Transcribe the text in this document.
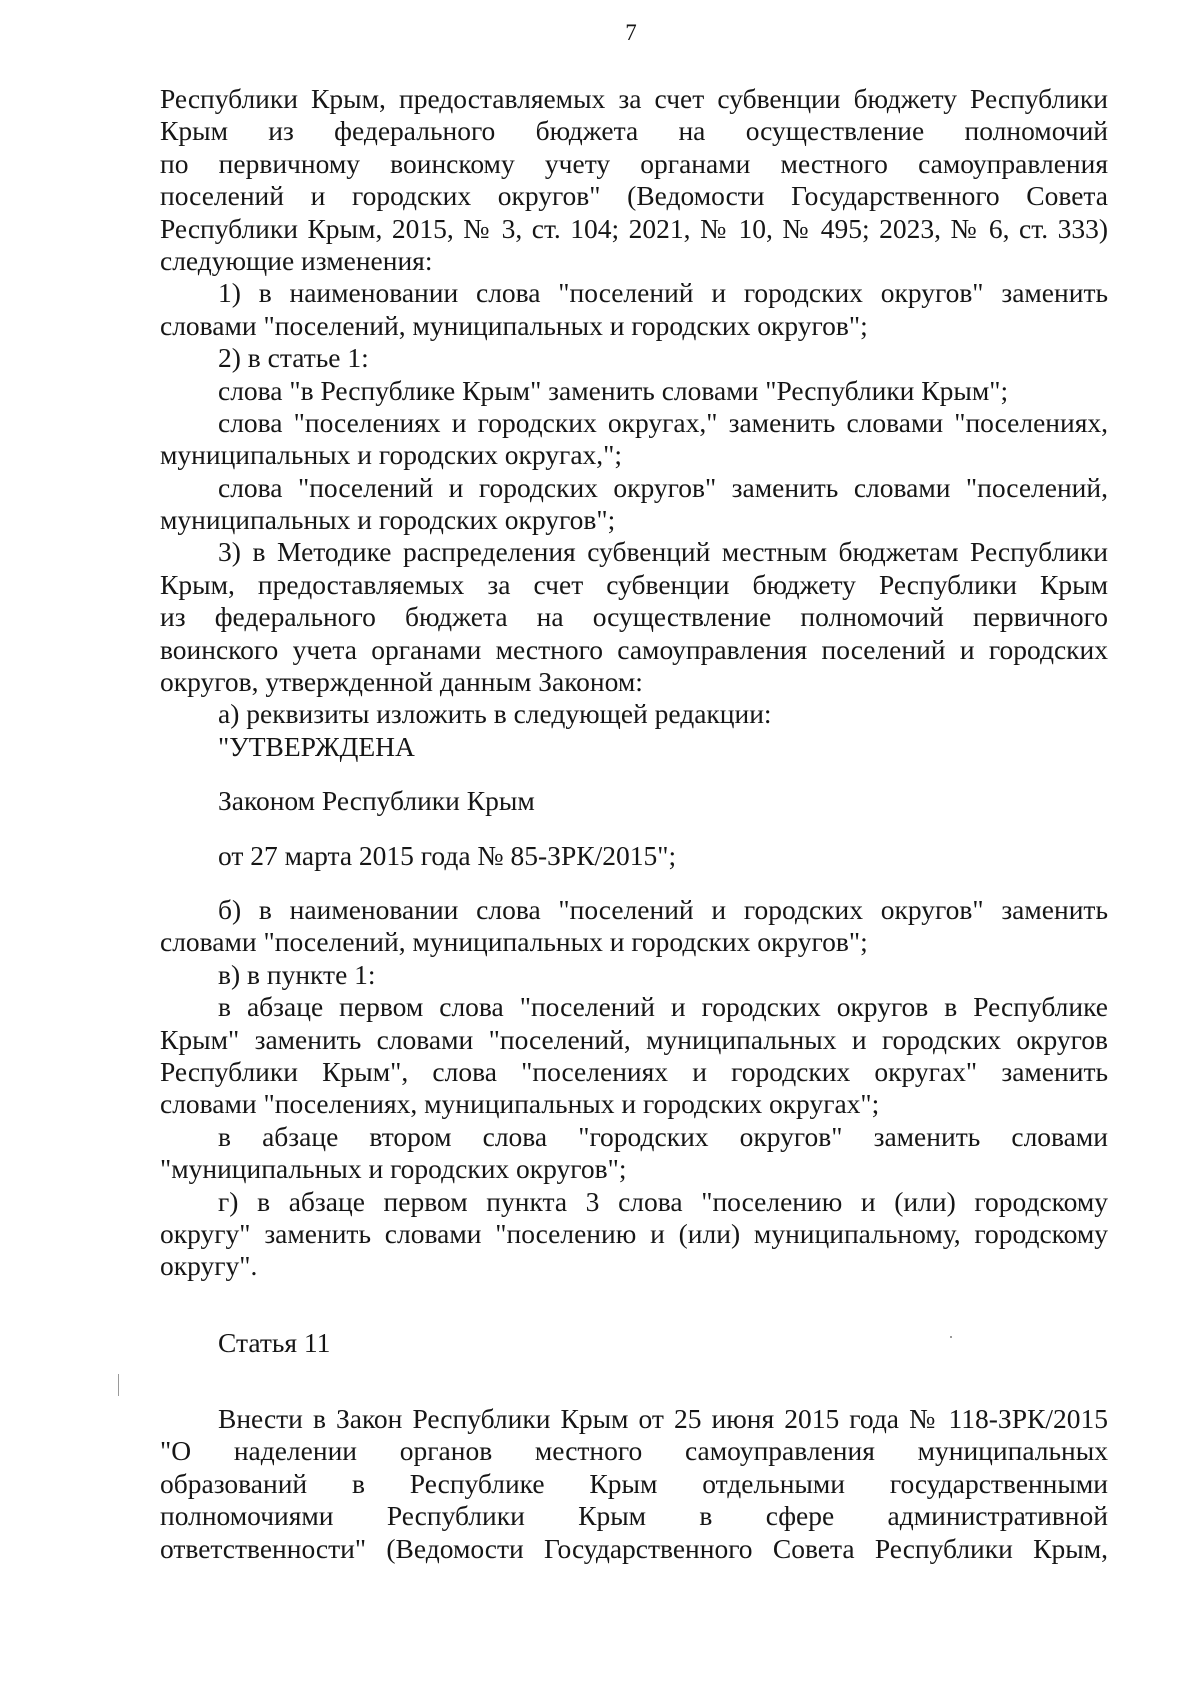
7
Республики Крым, предоставляемых за счет субвенции бюджету Республики
Крым из федерального бюджета на осуществление полномочий
по первичному воинскому учету органами местного самоуправления
поселений и городских округов" (Ведомости Государственного Совета
Республики Крым, 2015, № 3, ст. 104; 2021, № 10, № 495; 2023, № 6, ст. 333)
следующие изменения:
1) в наименовании слова "поселений и городских округов" заменить
словами "поселений, муниципальных и городских округов";
2) в статье 1:
слова "в Республике Крым" заменить словами "Республики Крым";
слова "поселениях и городских округах," заменить словами "поселениях,
муниципальных и городских округах,";
слова "поселений и городских округов" заменить словами "поселений,
муниципальных и городских округов";
3) в Методике распределения субвенций местным бюджетам Республики
Крым, предоставляемых за счет субвенции бюджету Республики Крым
из федерального бюджета на осуществление полномочий первичного
воинского учета органами местного самоуправления поселений и городских
округов, утвержденной данным Законом:
а) реквизиты изложить в следующей редакции:
"УТВЕРЖДЕНА
Законом Республики Крым
от 27 марта 2015 года № 85-ЗРК/2015";
б) в наименовании слова "поселений и городских округов" заменить
словами "поселений, муниципальных и городских округов";
в) в пункте 1:
в абзаце первом слова "поселений и городских округов в Республике
Крым" заменить словами "поселений, муниципальных и городских округов
Республики Крым", слова "поселениях и городских округах" заменить
словами "поселениях, муниципальных и городских округах";
в абзаце втором слова "городских округов" заменить словами
"муниципальных и городских округов";
г) в абзаце первом пункта 3 слова "поселению и (или) городскому
округу" заменить словами "поселению и (или) муниципальному, городскому
округу".
Статья 11
Внести в Закон Республики Крым от 25 июня 2015 года № 118-ЗРК/2015
"О наделении органов местного самоуправления муниципальных
образований в Республике Крым отдельными государственными
полномочиями Республики Крым в сфере административной
ответственности" (Ведомости Государственного Совета Республики Крым,
